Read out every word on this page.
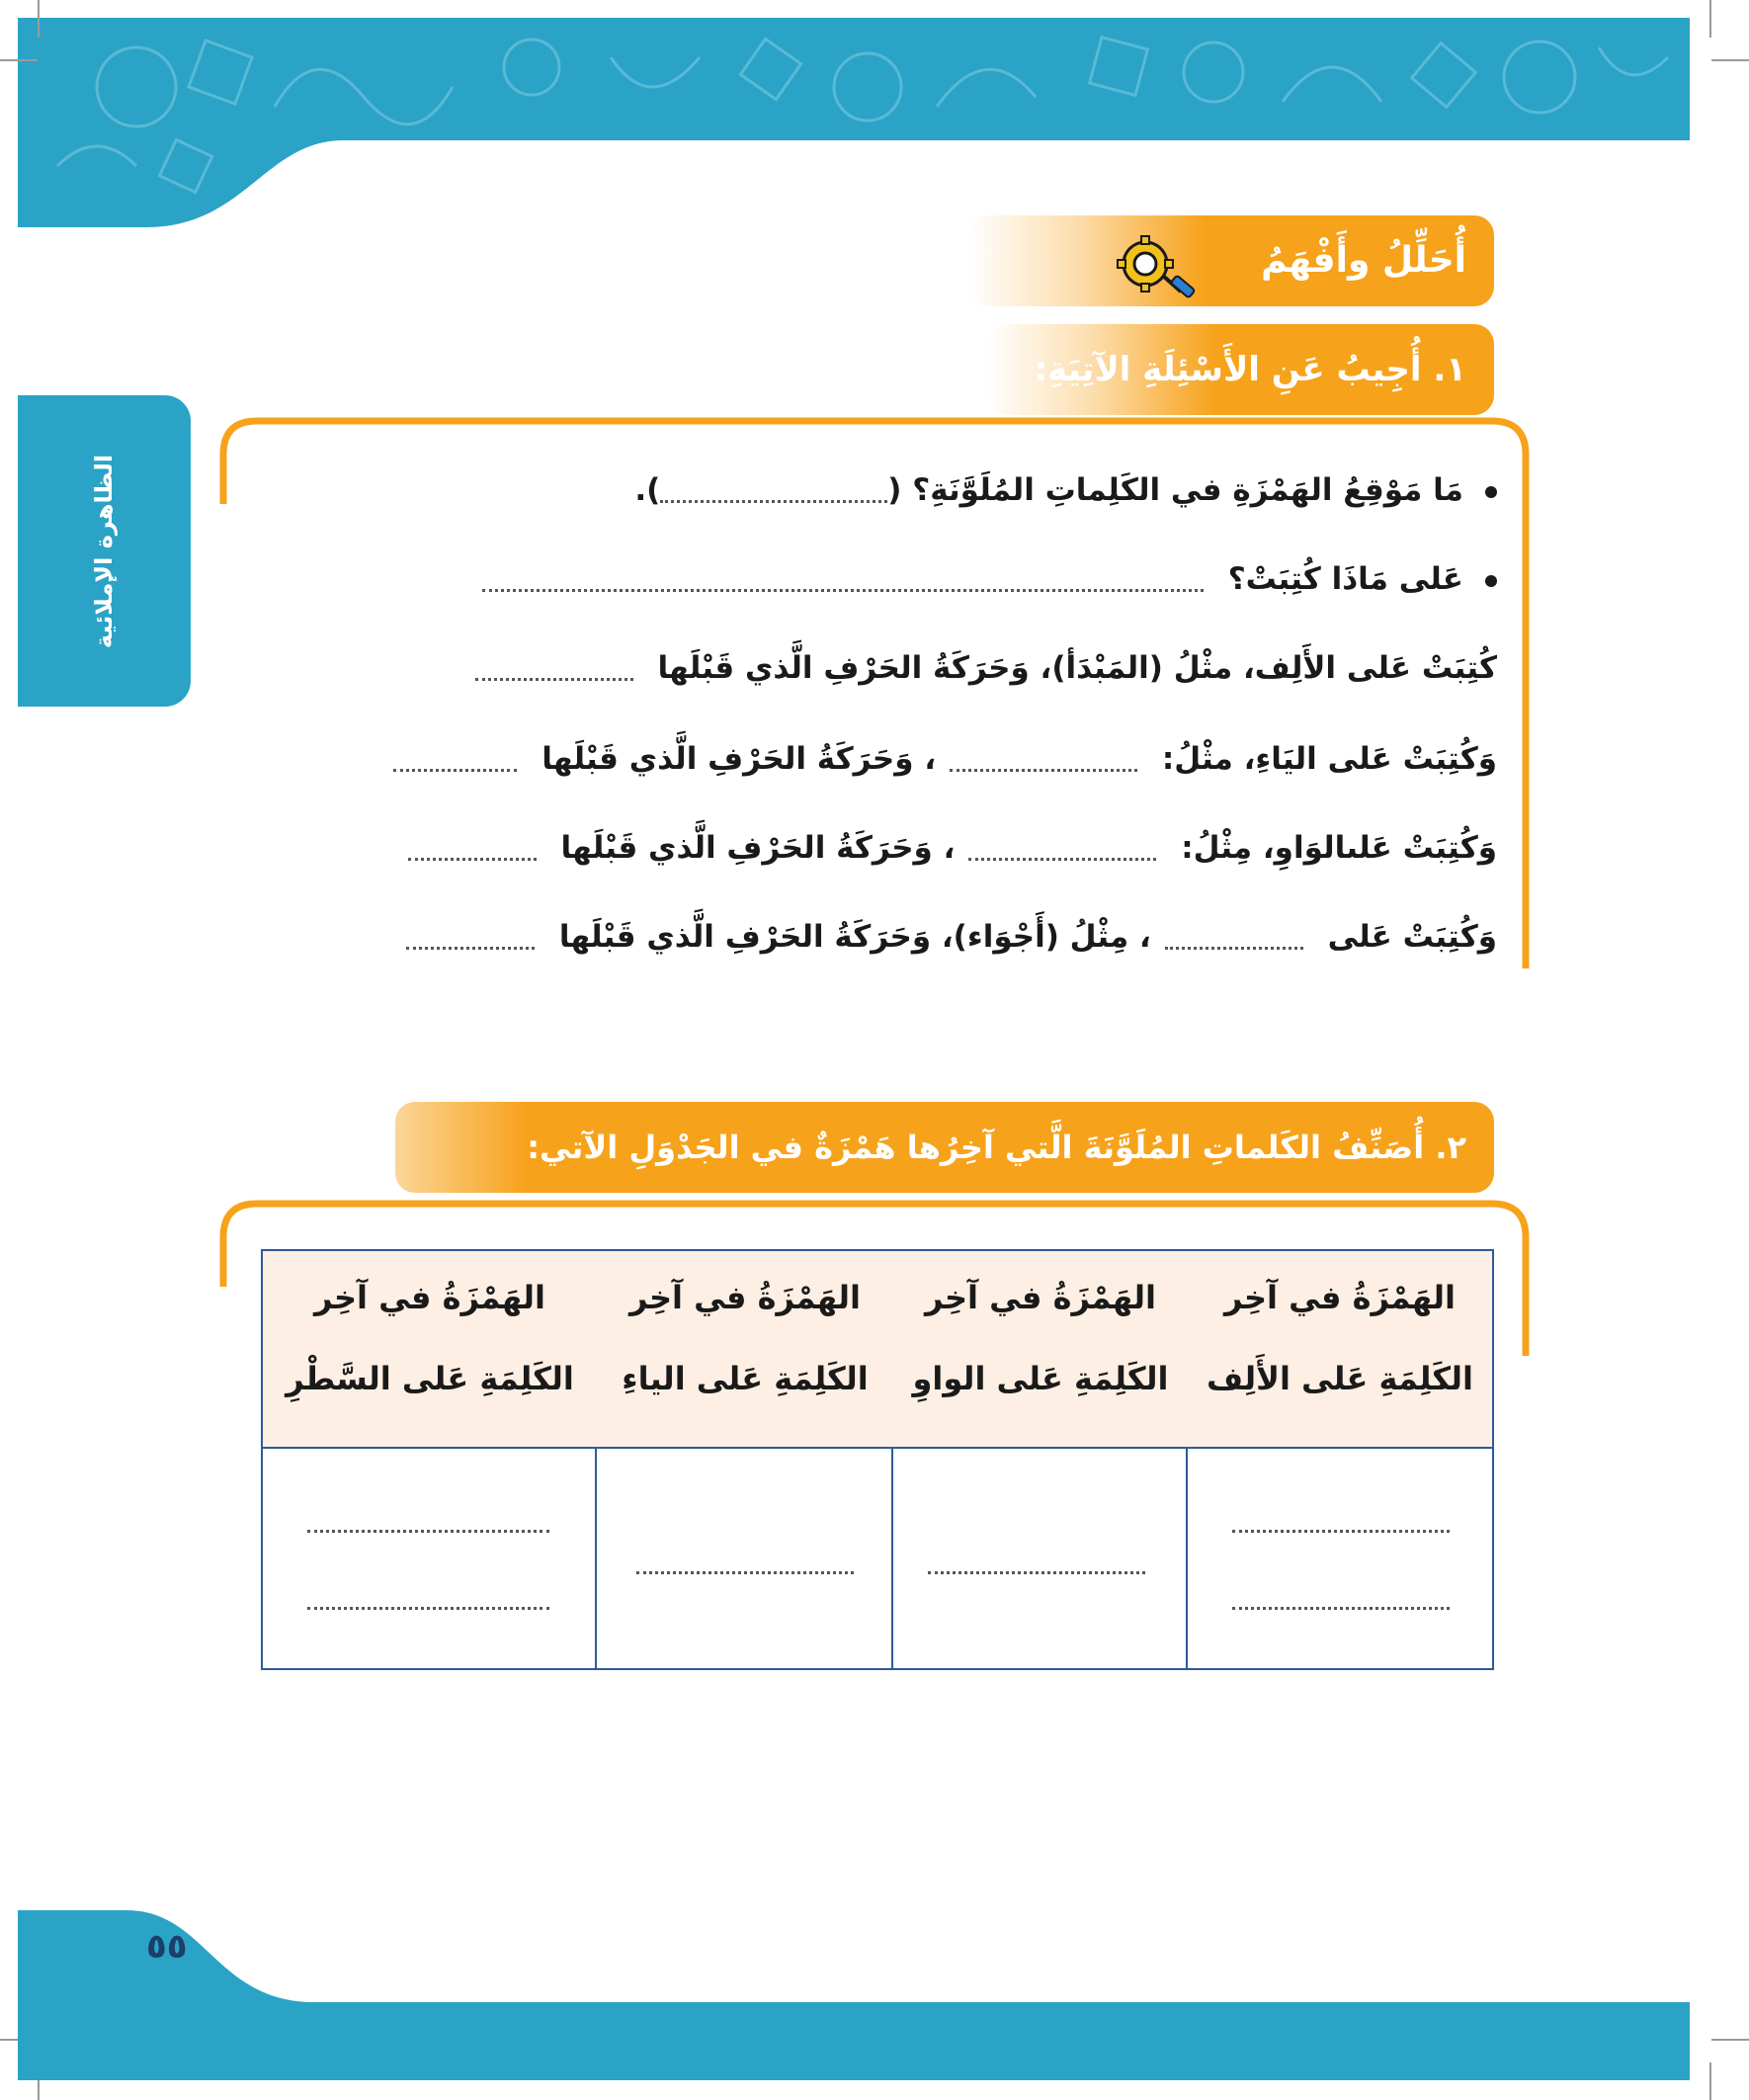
الظاهرة الإملائية
أُحَلِّلُ وأَفْهَمُ
١. أُجِيبُ عَنِ الأَسْئِلَةِ الآتِيَةِ:
مَا مَوْقِعُ الهَمْزَةِ في الكَلِماتِ المُلَوَّنَةِ؟ ().
عَلى مَاذَا كُتِبَتْ؟
كُتِبَتْ عَلى الأَلِف، مثْلُ (المَبْدَأ)، وَحَرَكَةُ الحَرْفِ الَّذي قَبْلَها
وَكُتِبَتْ عَلى اليَاءِ، مثْلُ: ، وَحَرَكَةُ الحَرْفِ الَّذي قَبْلَها
وَكُتِبَتْ عَلىالوَاوِ، مِثْلُ: ، وَحَرَكَةُ الحَرْفِ الَّذي قَبْلَها
وَكُتِبَتْ عَلى ، مِثْلُ (أَجْوَاء)، وَحَرَكَةُ الحَرْفِ الَّذي قَبْلَها
٢. أُصَنِّفُ الكَلماتِ المُلَوَّنَةَ الَّتي آخِرُها هَمْزَةٌ في الجَدْوَلِ الآتي:
الهَمْزَةُ في آخِر
الكَلِمَةِ عَلى الأَلِف
الهَمْزَةُ في آخِر
الكَلِمَةِ عَلى الواوِ
الهَمْزَةُ في آخِر
الكَلِمَةِ عَلى الياءِ
الهَمْزَةُ في آخِر
الكَلِمَةِ عَلى السَّطْرِ
٥٥
